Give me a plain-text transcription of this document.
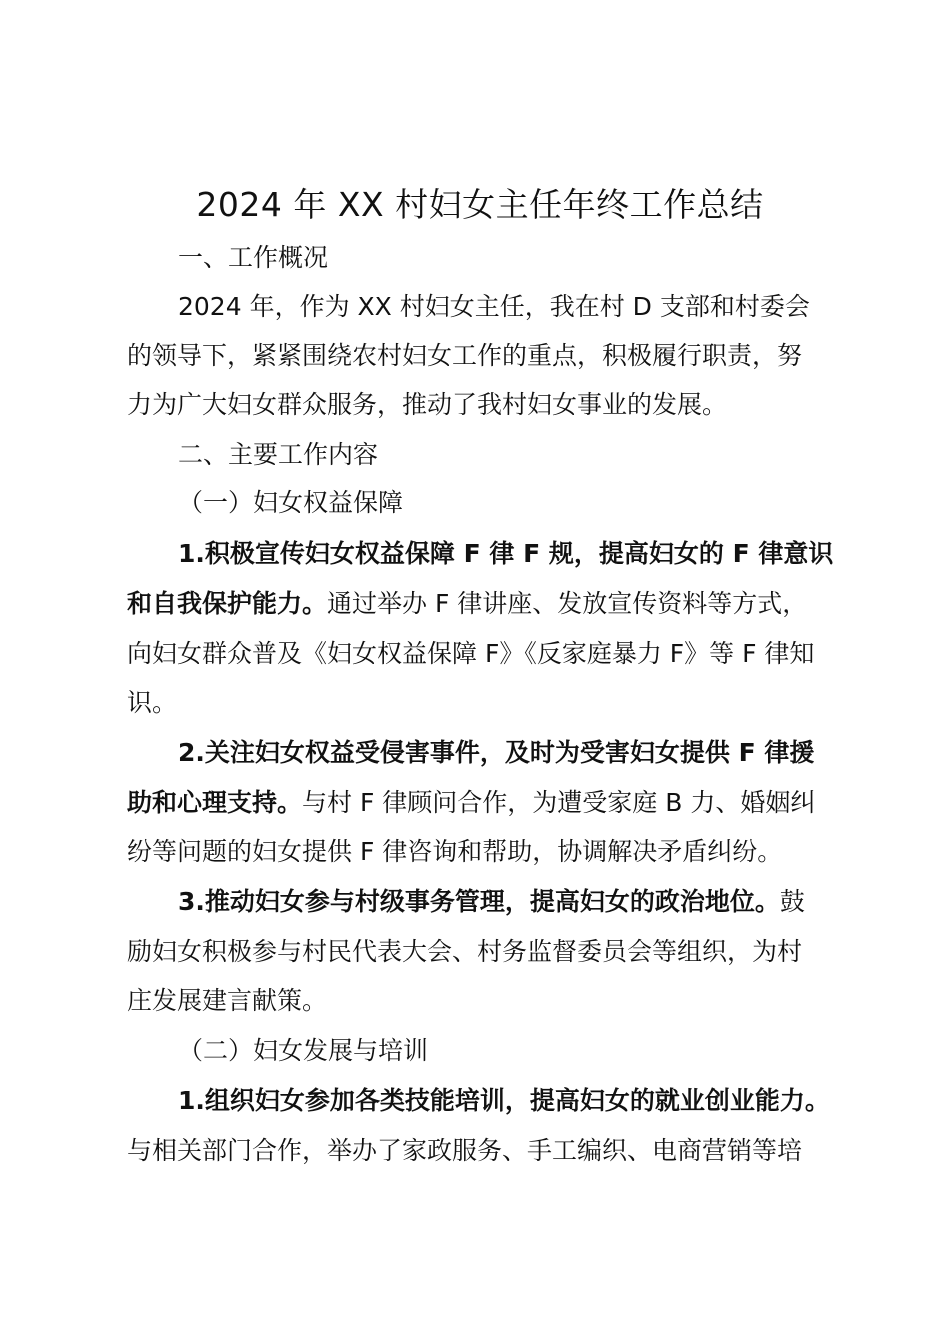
2024 年 XX 村妇女主任年终工作总结

一、工作概况

2024 年，作为 XX 村妇女主任，我在村 D 支部和村委会

的领导下，紧紧围绕农村妇女工作的重点，积极履行职责，努

力为广大妇女群众服务，推动了我村妇女事业的发展。

二、主要工作内容

（一）妇女权益保障

1.积极宣传妇女权益保障 F 律 F 规，提高妇女的 F 律意识

和自我保护能力。通过举办 F 律讲座、发放宣传资料等方式，

向妇女群众普及《妇女权益保障 F》《反家庭暴力 F》等 F 律知

识。

2.关注妇女权益受侵害事件，及时为受害妇女提供 F 律援

助和心理支持。与村 F 律顾问合作，为遭受家庭 B 力、婚姻纠

纷等问题的妇女提供 F 律咨询和帮助，协调解决矛盾纠纷。

3.推动妇女参与村级事务管理，提高妇女的政治地位。鼓

励妇女积极参与村民代表大会、村务监督委员会等组织，为村

庄发展建言献策。

（二）妇女发展与培训

1.组织妇女参加各类技能培训，提高妇女的就业创业能力。

与相关部门合作，举办了家政服务、手工编织、电商营销等培
